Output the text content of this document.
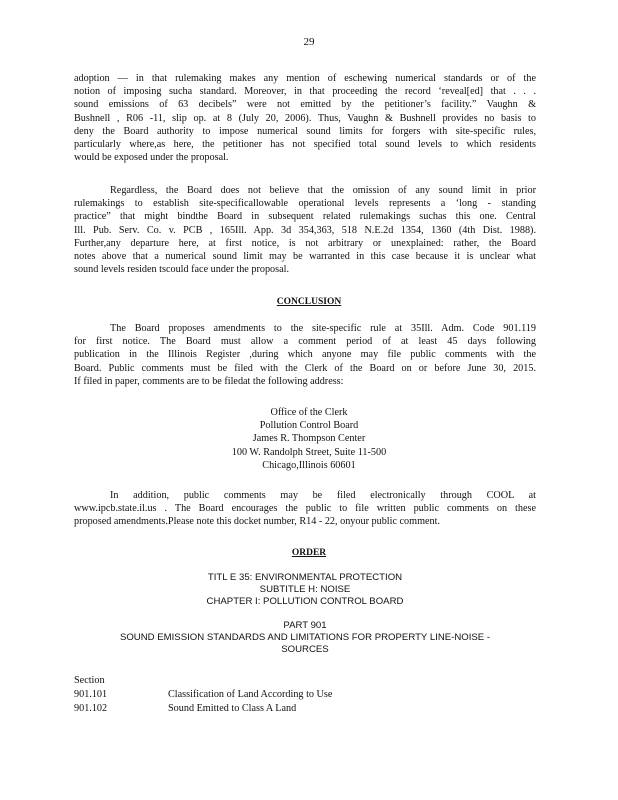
29
adoption — in that rulemaking makes any mention of eschewing numerical standards or of the
notion of imposing sucha standard. Moreover, in that proceeding the record ‘reveal[ed] that . . .
sound emissions of 63 decibels” were not emitted by the petitioner’s facility.” Vaughn &
Bushnell , R06 -11, slip op. at 8 (July 20, 2006). Thus, Vaughn & Bushnell provides no basis to
deny the Board authority to impose numerical sound limits for forgers with site-specific rules,
particularly where,as here, the petitioner has not specified total sound levels to which residents
would be exposed under the proposal.
Regardless, the Board does not believe that the omission of any sound limit in prior
rulemakings to establish site-specificallowable operational levels represents a ‘long - standing
practice” that might bindthe Board in subsequent related rulemakings suchas this one. Central
Ill. Pub. Serv. Co. v. PCB , 165Ill. App. 3d 354,363, 518 N.E.2d 1354, 1360 (4th Dist. 1988).
Further,any departure here, at first notice, is not arbitrary or unexplained: rather, the Board
notes above that a numerical sound limit may be warranted in this case because it is unclear what
sound levels residen tscould face under the proposal.
CONCLUSION
The Board proposes amendments to the site-specific rule at 35Ill. Adm. Code 901.119
for first notice. The Board must allow a comment period of at least 45 days following
publication in the Illinois Register ,during which anyone may file public comments with the
Board. Public comments must be filed with the Clerk of the Board on or before June 30, 2015.
If filed in paper, comments are to be filedat the following address:
Office of the Clerk
Pollution Control Board
James R. Thompson Center
100 W. Randolph Street, Suite 11-500
Chicago,Illinois 60601
In addition, public comments may be filed electronically through COOL at
www.ipcb.state.il.us . The Board encourages the public to file written public comments on these
proposed amendments.Please note this docket number, R14 - 22, onyour public comment.
ORDER
TITL E 35: ENVIRONMENTAL PROTECTION
SUBTITLE H: NOISE
CHAPTER I: POLLUTION CONTROL BOARD
PART 901
SOUND EMISSION STANDARDS AND LIMITATIONS FOR PROPERTY LINE-NOISE -
SOURCES
Section
901.101	Classification of Land According to Use
901.102	Sound Emitted to Class A Land
